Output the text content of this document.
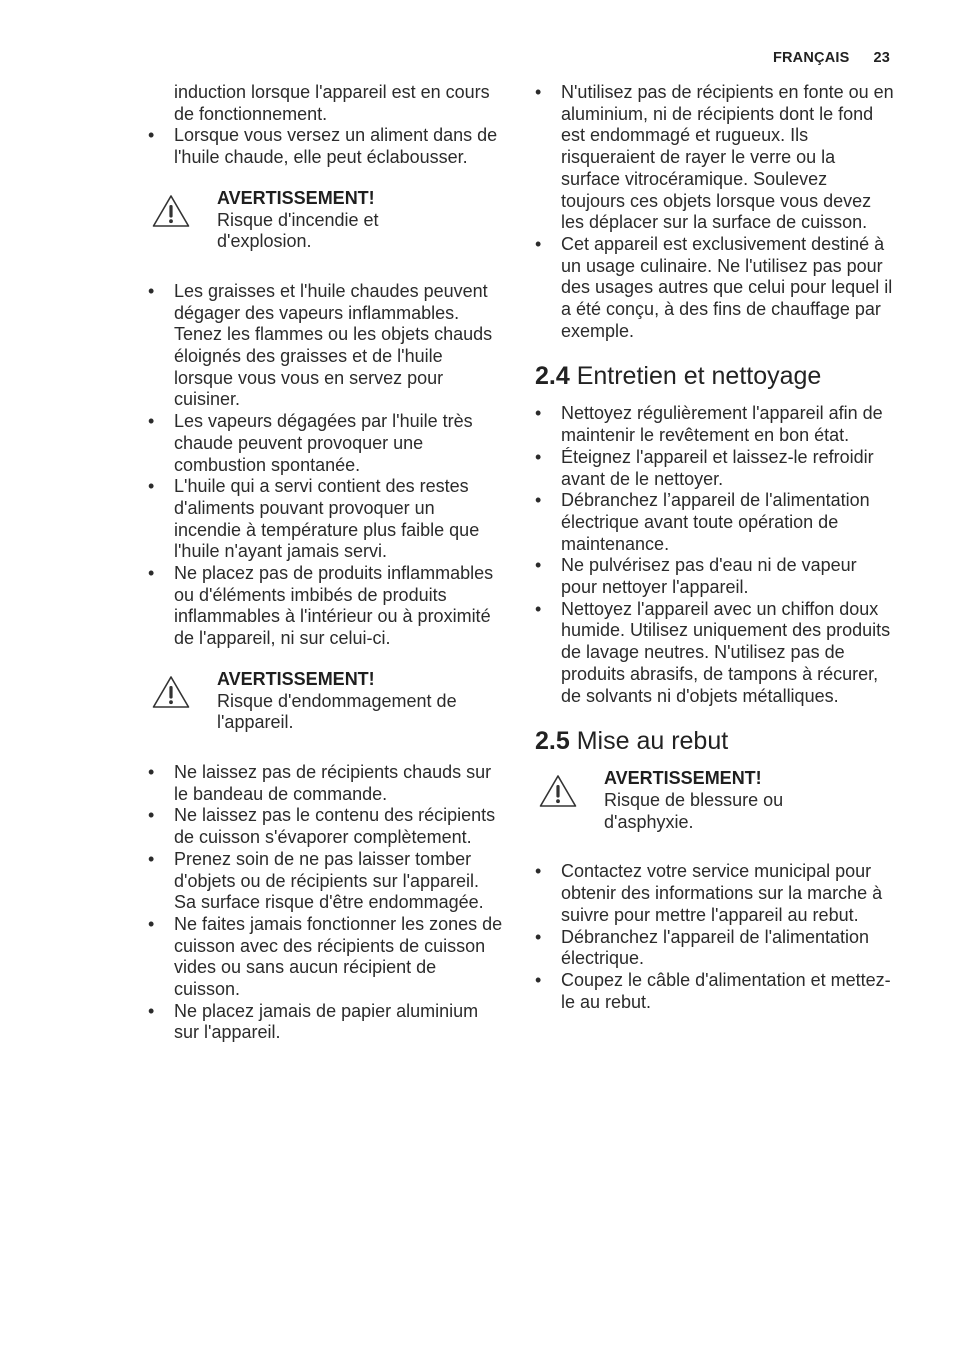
FRANÇAIS 23

induction lorsque l'appareil est en cours de fonctionnement.

• Lorsque vous versez un aliment dans de l'huile chaude, elle peut éclabousser.
AVERTISSEMENT!
Risque d'incendie et d'explosion.
• Les graisses et l'huile chaudes peuvent dégager des vapeurs inflammables. Tenez les flammes ou les objets chauds éloignés des graisses et de l'huile lorsque vous vous en servez pour cuisiner.
• Les vapeurs dégagées par l'huile très chaude peuvent provoquer une combustion spontanée.
• L'huile qui a servi contient des restes d'aliments pouvant provoquer un incendie à température plus faible que l'huile n'ayant jamais servi.
• Ne placez pas de produits inflammables ou d'éléments imbibés de produits inflammables à l'intérieur ou à proximité de l'appareil, ni sur celui-ci.
AVERTISSEMENT!
Risque d'endommagement de l'appareil.
• Ne laissez pas de récipients chauds sur le bandeau de commande.
• Ne laissez pas le contenu des récipients de cuisson s'évaporer complètement.
• Prenez soin de ne pas laisser tomber d'objets ou de récipients sur l'appareil. Sa surface risque d'être endommagée.
• Ne faites jamais fonctionner les zones de cuisson avec des récipients de cuisson vides ou sans aucun récipient de cuisson.
• Ne placez jamais de papier aluminium sur l'appareil.
• N'utilisez pas de récipients en fonte ou en aluminium, ni de récipients dont le fond est endommagé et rugueux. Ils risqueraient de rayer le verre ou la surface vitrocéramique. Soulevez toujours ces objets lorsque vous devez les déplacer sur la surface de cuisson.
• Cet appareil est exclusivement destiné à un usage culinaire. Ne l'utilisez pas pour des usages autres que celui pour lequel il a été conçu, à des fins de chauffage par exemple.
2.4 Entretien et nettoyage
• Nettoyez régulièrement l'appareil afin de maintenir le revêtement en bon état.
• Éteignez l'appareil et laissez-le refroidir avant de le nettoyer.
• Débranchez l’appareil de l'alimentation électrique avant toute opération de maintenance.
• Ne pulvérisez pas d'eau ni de vapeur pour nettoyer l'appareil.
• Nettoyez l'appareil avec un chiffon doux humide. Utilisez uniquement des produits de lavage neutres. N'utilisez pas de produits abrasifs, de tampons à récurer, de solvants ni d'objets métalliques.
2.5 Mise au rebut
AVERTISSEMENT!
Risque de blessure ou d'asphyxie.
• Contactez votre service municipal pour obtenir des informations sur la marche à suivre pour mettre l'appareil au rebut.
• Débranchez l'appareil de l'alimentation électrique.
• Coupez le câble d'alimentation et mettez-le au rebut.
